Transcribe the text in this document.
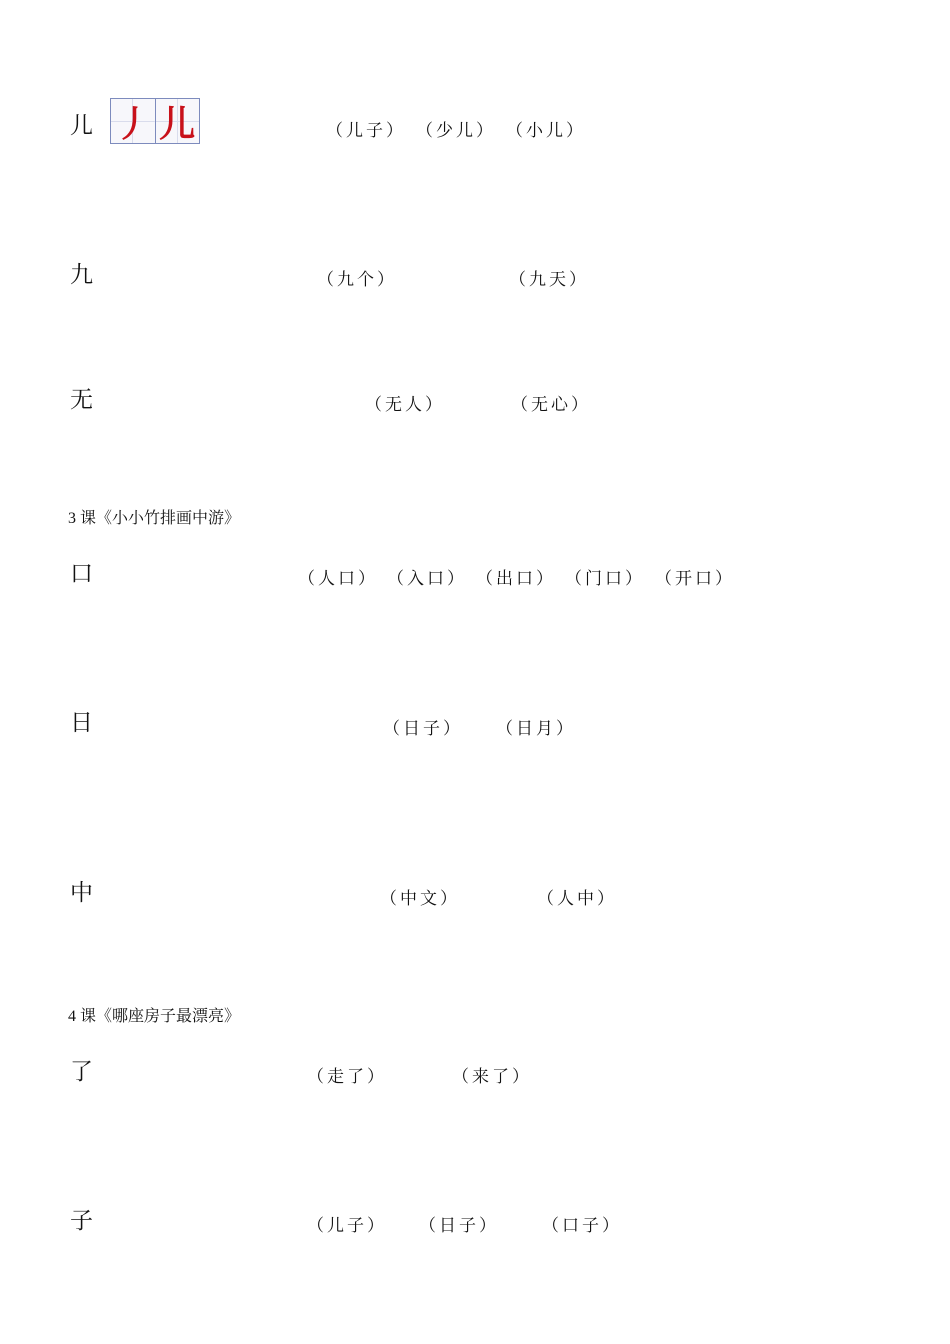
儿 丿 儿	（儿子） （少儿） （小儿）
九	（九个）	（九天）
无	（无人）	（无心）
3 课《小小竹排画中游》
口	（人口） （入口） （出口） （门口） （开口）
日	（日子） （日月）
中	（中文）	（人中）
4 课《哪座房子最漂亮》
了	（走了）	（来了）
子	（儿子） （日子）	（口子）
